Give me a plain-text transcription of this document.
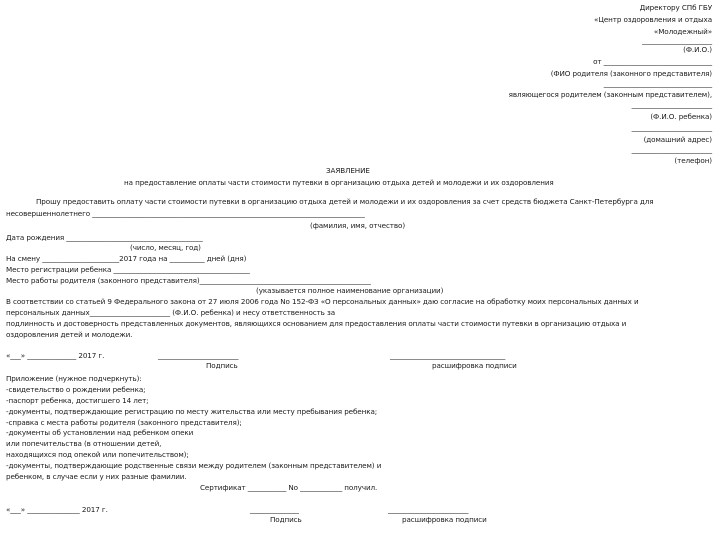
Директору СПб ГБУ
«Центр оздоровления и отдыха
«Молодежный»
____________________
(Ф.И.О.)
от _______________________________
(ФИО родителя (законного представителя)
_______________________________
являющегося родителем (законным представителем),
_______________________
(Ф.И.О. ребенка)
_______________________
(домашний адрес)
_______________________
(телефон)
ЗАЯВЛЕНИЕ
на предоставление оплаты части стоимости путевки в организацию отдыха детей и молодежи и их оздоровления
Прошу предоставить оплату части стоимости путевки в организацию отдыха детей и молодежи и их оздоровления за счет средств бюджета Санкт-Петербурга для
несовершеннолетнего ______________________________________________________________________________
(фамилия, имя, отчество)
Дата рождения _______________________________________
(число, месяц, год)
На смену ______________________2017 года на __________ дней (дня)
Место регистрации ребенка _______________________________________
Место работы родителя (законного представителя)_________________________________________________
(указывается полное наименование организации)
В соответствии со статьей 9 Федерального закона от 27 июля 2006 года No 152-ФЗ «О персональных данных» даю согласие на обработку моих персональных данных и
персональных данных_______________________ (Ф.И.О. ребенка) и несу ответственность за
подлинность и достоверность представленных документов, являющихся основанием для предоставления оплаты части стоимости путевки в организацию отдыха и
оздоровления детей и молодежи.
«___» ______________ 2017 г.	_______________________	_________________________________
Подпись	расшифровка подписи
Приложение (нужное подчеркнуть):
-свидетельство о рождении ребенка;
-паспорт ребенка, достигшего 14 лет;
-документы, подтверждающие регистрацию по месту жительства или месту пребывания ребенка;
-справка с места работы родителя (законного представителя);
-документы об установлении над ребенком опеки
или попечительства (в отношении детей,
находящихся под опекой или попечительством);
-документы, подтверждающие родственные связи между родителем (законным представителем) и
ребенком, в случае если у них разные фамилии.
Сертификат ___________ No ____________ получил.
«___» _______________ 2017 г.	______________	_______________________
Подпись	расшифровка подписи
